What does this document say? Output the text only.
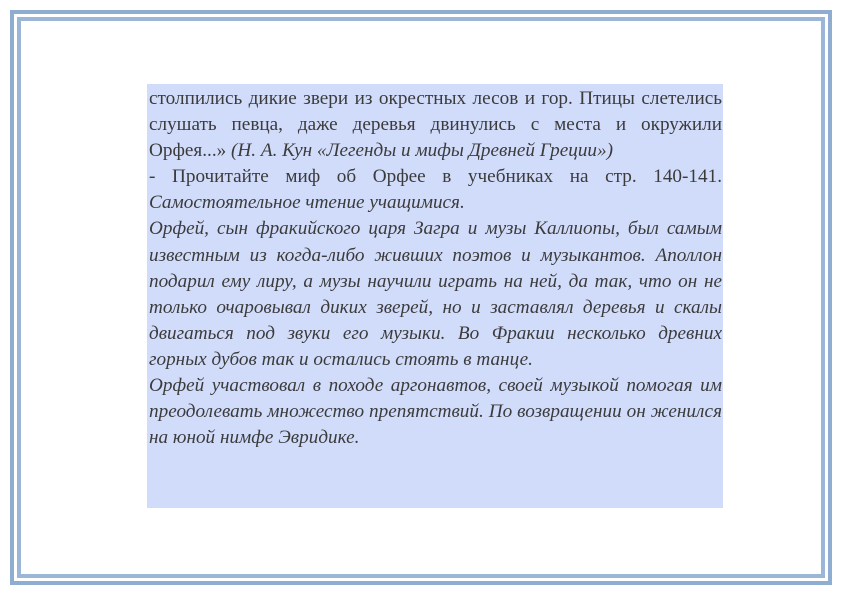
столпились дикие звери из окрестных лесов и гор. Птицы слетелись слушать певца, даже деревья двинулись с места и окружили Орфея...» (Н. А. Кун «Легенды и мифы Древней Греции»)

- Прочитайте миф об Орфее в учебниках на стр. 140-141. Самостоятельное чтение учащимися.

Орфей, сын фракийского царя Загра и музы Каллиопы, был самым известным из когда-либо живших поэтов и музыкантов. Аполлон подарил ему лиру, а музы научили играть на ней, да так, что он не только очаровывал диких зверей, но и заставлял деревья и скалы двигаться под звуки его музыки. Во Фракии несколько древних горных дубов так и остались стоять в танце.

Орфей участвовал в походе аргонавтов, своей музыкой помогая им преодолевать множество препятствий. По возвращении он женился на юной нимфе Эвридике.
